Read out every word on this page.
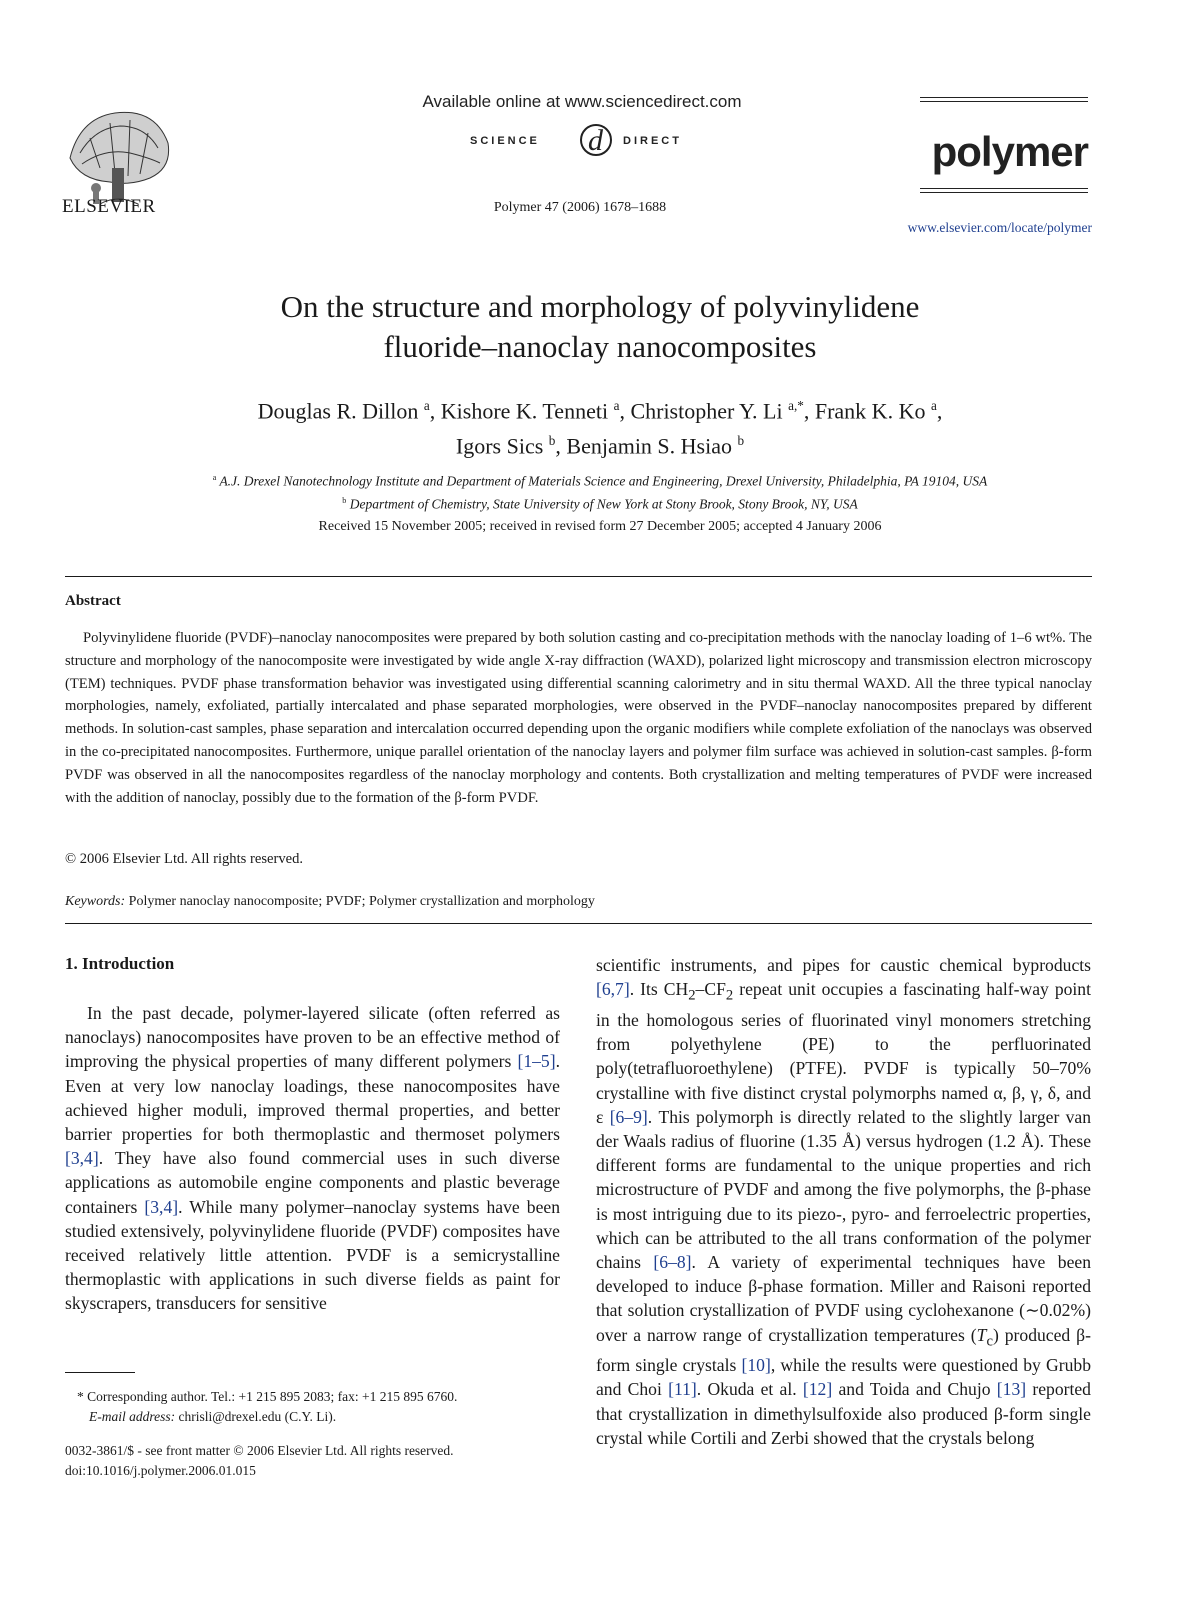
ELSEVIER
Available online at www.sciencedirect.com
SCIENCE d DIRECT
Polymer 47 (2006) 1678–1688
polymer
www.elsevier.com/locate/polymer
On the structure and morphology of polyvinylidene
fluoride–nanoclay nanocomposites
Douglas R. Dillon $^a$, Kishore K. Tenneti $^a$, Christopher Y. Li $^{a,*}$, Frank K. Ko $^a$,
Igors Sics $^b$, Benjamin S. Hsiao $^b$
$^a$ A.J. Drexel Nanotechnology Institute and Department of Materials Science and Engineering, Drexel University, Philadelphia, PA 19104, USA
$^b$ Department of Chemistry, State University of New York at Stony Brook, Stony Brook, NY, USA
Received 15 November 2005; received in revised form 27 December 2005; accepted 4 January 2006
Abstract
Polyvinylidene fluoride (PVDF)–nanoclay nanocomposites were prepared by both solution casting and co-precipitation methods with the nanoclay loading of 1–6 wt%. The structure and morphology of the nanocomposite were investigated by wide angle X-ray diffraction (WAXD), polarized light microscopy and transmission electron microscopy (TEM) techniques. PVDF phase transformation behavior was investigated using differential scanning calorimetry and in situ thermal WAXD. All the three typical nanoclay morphologies, namely, exfoliated, partially intercalated and phase separated morphologies, were observed in the PVDF–nanoclay nanocomposites prepared by different methods. In solution-cast samples, phase separation and intercalation occurred depending upon the organic modifiers while complete exfoliation of the nanoclays was observed in the co-precipitated nanocomposites. Furthermore, unique parallel orientation of the nanoclay layers and polymer film surface was achieved in solution-cast samples. β-form PVDF was observed in all the nanocomposites regardless of the nanoclay morphology and contents. Both crystallization and melting temperatures of PVDF were increased with the addition of nanoclay, possibly due to the formation of the β-form PVDF.
© 2006 Elsevier Ltd. All rights reserved.
Keywords: Polymer nanoclay nanocomposite; PVDF; Polymer crystallization and morphology
1. Introduction
In the past decade, polymer-layered silicate (often referred as nanoclays) nanocomposites have proven to be an effective method of improving the physical properties of many different polymers [1–5]. Even at very low nanoclay loadings, these nanocomposites have achieved higher moduli, improved thermal properties, and better barrier properties for both thermoplastic and thermoset polymers [3,4]. They have also found commercial uses in such diverse applications as automobile engine components and plastic beverage containers [3,4]. While many polymer–nanoclay systems have been studied extensively, polyvinylidene fluoride (PVDF) composites have received relatively little attention. PVDF is a semicrystalline thermoplastic with applications in such diverse fields as paint for skyscrapers, transducers for sensitive
scientific instruments, and pipes for caustic chemical byproducts [6,7]. Its $CH_2-CF_2$ repeat unit occupies a fascinating half-way point in the homologous series of fluorinated vinyl monomers stretching from polyethylene (PE) to the perfluorinated poly(tetrafluoroethylene) (PTFE). PVDF is typically 50–70% crystalline with five distinct crystal polymorphs named α, β, γ, δ, and ε [6–9]. This polymorph is directly related to the slightly larger van der Waals radius of fluorine (1.35 Å) versus hydrogen (1.2 Å). These different forms are fundamental to the unique properties and rich microstructure of PVDF and among the five polymorphs, the β-phase is most intriguing due to its piezo-, pyro- and ferroelectric properties, which can be attributed to the all trans conformation of the polymer chains [6–8]. A variety of experimental techniques have been developed to induce β-phase formation. Miller and Raisoni reported that solution crystallization of PVDF using cyclohexanone (∼0.02%) over a narrow range of crystallization temperatures $(T_c)$ produced β-form single crystals [10], while the results were questioned by Grubb and Choi [11]. Okuda et al. [12] and Toida and Chujo [13] reported that crystallization in dimethylsulfoxide also produced β-form single crystal while Cortili and Zerbi showed that the crystals belong
* Corresponding author. Tel.: +1 215 895 2083; fax: +1 215 895 6760.
E-mail address: chrisli@drexel.edu (C.Y. Li).
0032-3861/$ - see front matter © 2006 Elsevier Ltd. All rights reserved.
doi:10.1016/j.polymer.2006.01.015
